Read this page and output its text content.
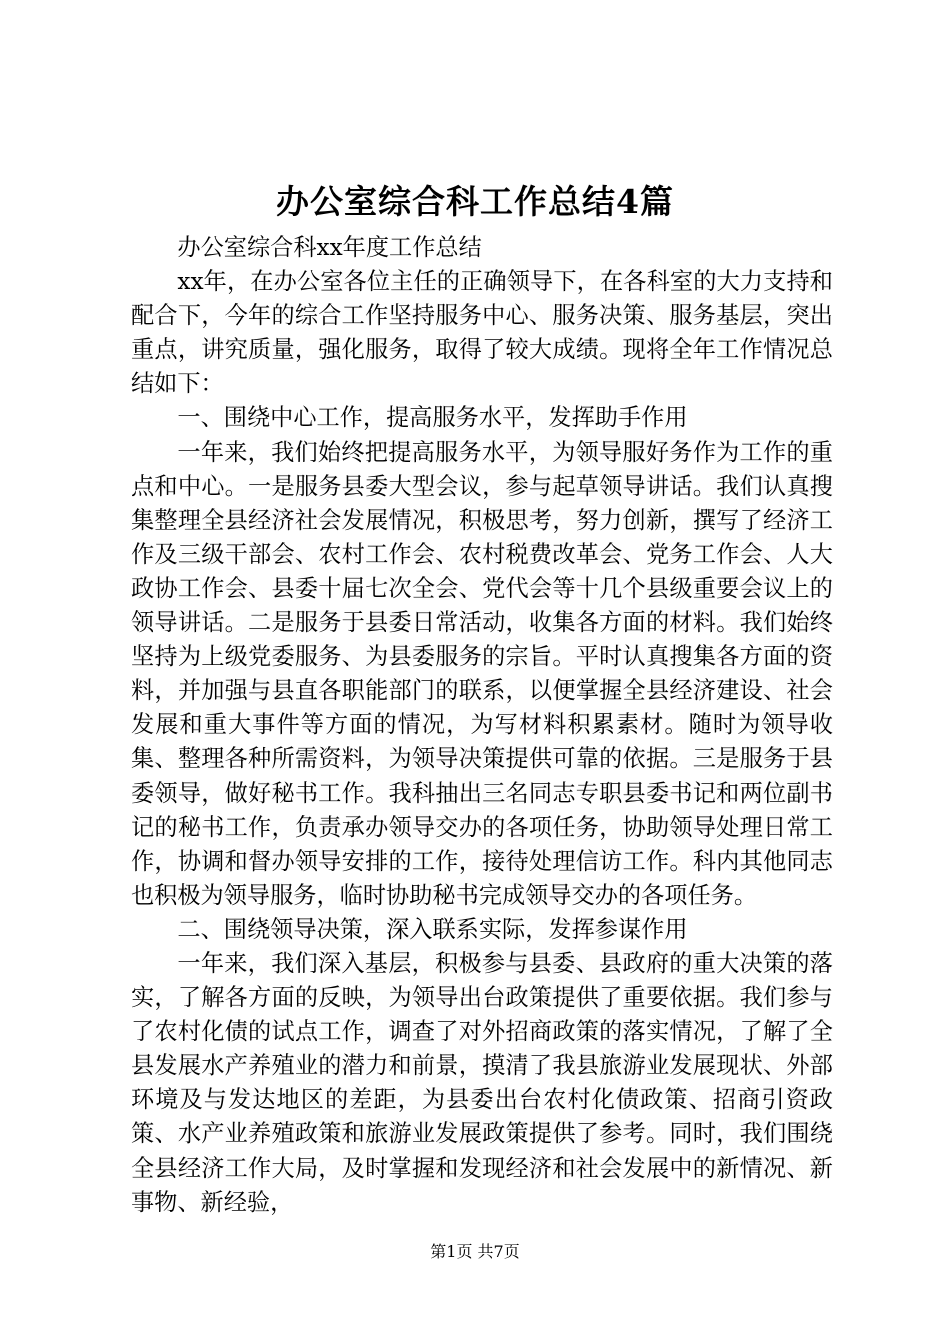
办公室综合科工作总结4篇

办公室综合科xx年度工作总结

xx年，在办公室各位主任的正确领导下，在各科室的大力支持和配合下，今年的综合工作坚持服务中心、服务决策、服务基层，突出重点，讲究质量，强化服务，取得了较大成绩。现将全年工作情况总结如下：

一、围绕中心工作，提高服务水平，发挥助手作用

一年来，我们始终把提高服务水平，为领导服好务作为工作的重点和中心。一是服务县委大型会议，参与起草领导讲话。我们认真搜集整理全县经济社会发展情况，积极思考，努力创新，撰写了经济工作及三级干部会、农村工作会、农村税费改革会、党务工作会、人大政协工作会、县委十届七次全会、党代会等十几个县级重要会议上的领导讲话。二是服务于县委日常活动，收集各方面的材料。我们始终坚持为上级党委服务、为县委服务的宗旨。平时认真搜集各方面的资料，并加强与县直各职能部门的联系，以便掌握全县经济建设、社会发展和重大事件等方面的情况，为写材料积累素材。随时为领导收集、整理各种所需资料，为领导决策提供可靠的依据。三是服务于县委领导，做好秘书工作。我科抽出三名同志专职县委书记和两位副书记的秘书工作，负责承办领导交办的各项任务，协助领导处理日常工作，协调和督办领导安排的工作，接待处理信访工作。科内其他同志也积极为领导服务，临时协助秘书完成领导交办的各项任务。

二、围绕领导决策，深入联系实际，发挥参谋作用

一年来，我们深入基层，积极参与县委、县政府的重大决策的落实，了解各方面的反映，为领导出台政策提供了重要依据。我们参与了农村化债的试点工作，调查了对外招商政策的落实情况，了解了全县发展水产养殖业的潜力和前景，摸清了我县旅游业发展现状、外部环境及与发达地区的差距，为县委出台农村化债政策、招商引资政策、水产业养殖政策和旅游业发展政策提供了参考。同时，我们围绕全县经济工作大局，及时掌握和发现经济和社会发展中的新情况、新事物、新经验，

第1页 共7页
